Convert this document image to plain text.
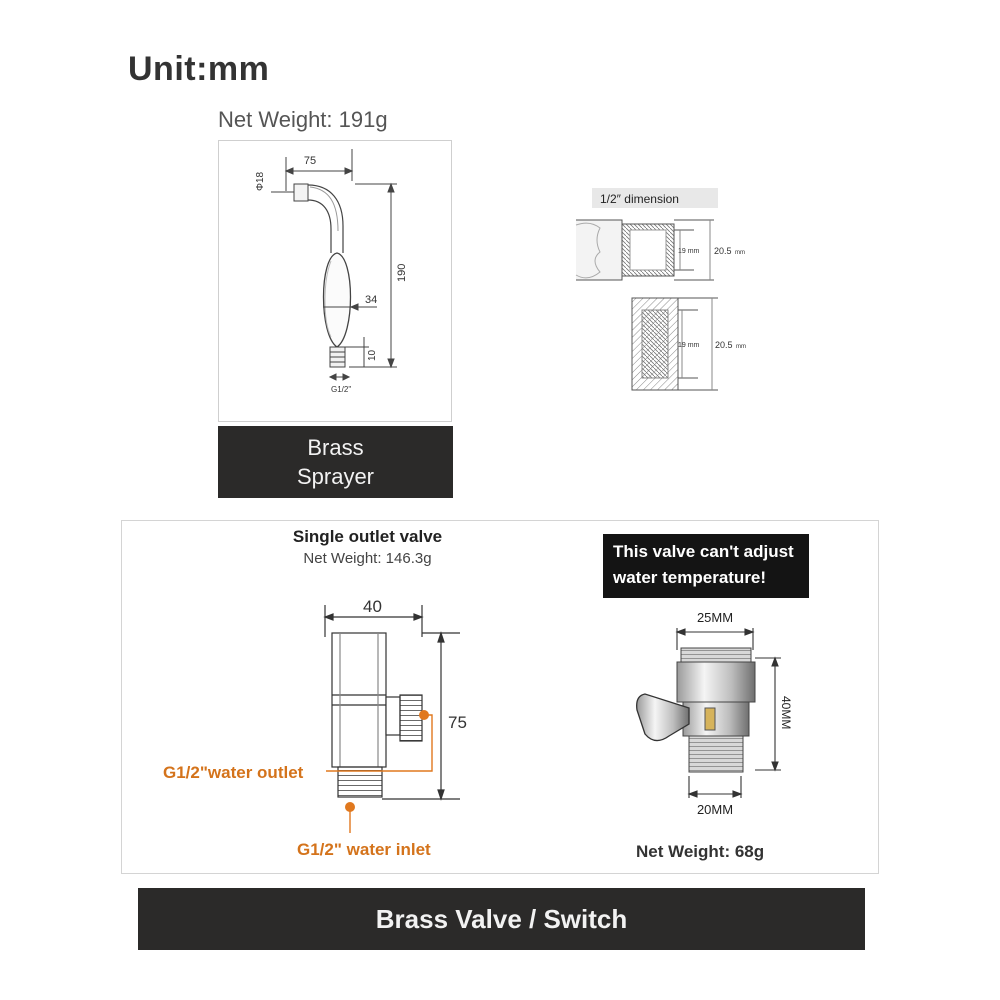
Unit:mm
Net Weight: 191g
75
Φ18
190
34
10
G1/2"
Brass
Sprayer
1/2″ dimension
19 mm 20.5 mm
19 mm 20.5 mm
Single outlet valve
Net Weight: 146.3g
40
75
G1/2"water outlet
G1/2" water inlet
This valve can't adjust
water temperature!
25MM
40MM
20MM
Net Weight: 68g
Brass Valve / Switch
